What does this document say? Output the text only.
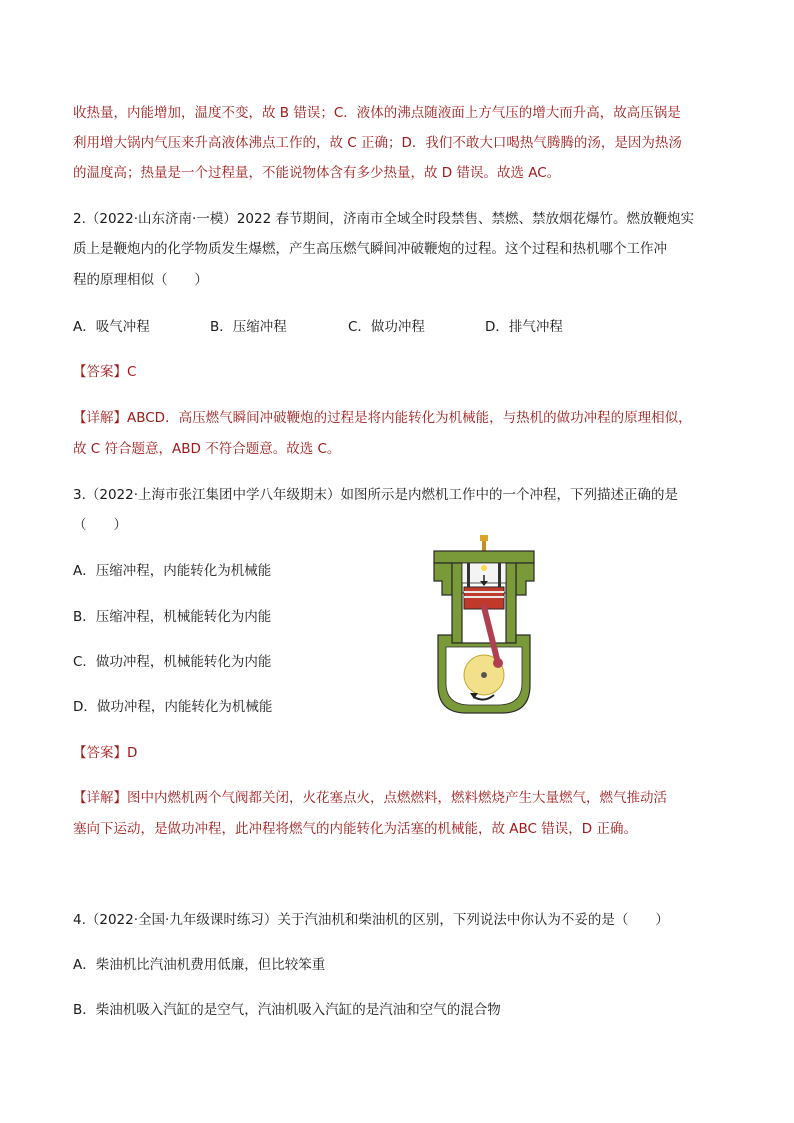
收热量，内能增加，温度不变，故 B 错误；C．液体的沸点随液面上方气压的增大而升高，故高压锅是
利用增大锅内气压来升高液体沸点工作的，故 C 正确；D．我们不敢大口喝热气腾腾的汤，是因为热汤
的温度高；热量是一个过程量，不能说物体含有多少热量，故 D 错误。故选 AC。
2.（2022·山东济南·一模）2022 春节期间，济南市全域全时段禁售、禁燃、禁放烟花爆竹。燃放鞭炮实
质上是鞭炮内的化学物质发生爆燃，产生高压燃气瞬间冲破鞭炮的过程。这个过程和热机哪个工作冲
程的原理相似（　　）
A．吸气冲程	B．压缩冲程	C．做功冲程	D．排气冲程
【答案】C
【详解】ABCD．高压燃气瞬间冲破鞭炮的过程是将内能转化为机械能，与热机的做功冲程的原理相似，
故 C 符合题意，ABD 不符合题意。故选 C。
3.（2022·上海市张江集团中学八年级期末）如图所示是内燃机工作中的一个冲程，下列描述正确的是
（　　）
A．压缩冲程，内能转化为机械能
B．压缩冲程，机械能转化为内能
C．做功冲程，机械能转化为内能
D．做功冲程，内能转化为机械能
【答案】D
【详解】图中内燃机两个气阀都关闭，火花塞点火，点燃燃料，燃料燃烧产生大量燃气，燃气推动活
塞向下运动，是做功冲程，此冲程将燃气的内能转化为活塞的机械能，故 ABC 错误，D 正确。
4.（2022·全国·九年级课时练习）关于汽油机和柴油机的区别，下列说法中你认为不妥的是（　　）
A．柴油机比汽油机费用低廉，但比较笨重
B．柴油机吸入汽缸的是空气，汽油机吸入汽缸的是汽油和空气的混合物
